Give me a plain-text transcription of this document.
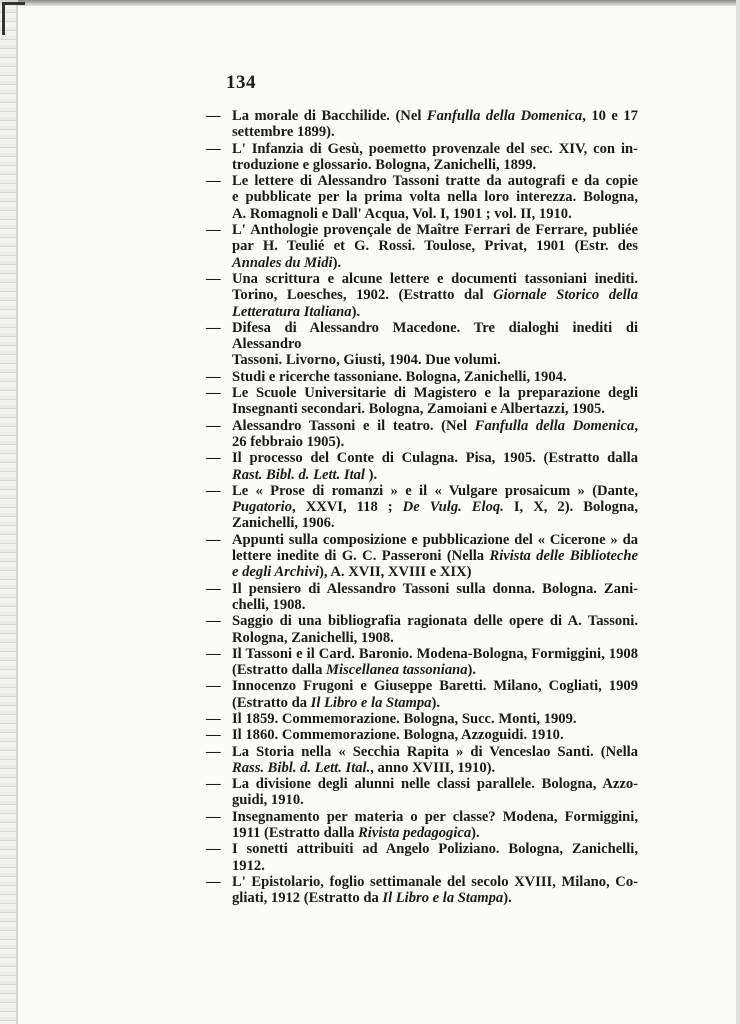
134
— La morale di Bacchilide. (Nel Fanfulla della Domenica, 10 e 17
settembre 1899).
— L' Infanzia di Gesù, poemetto provenzale del sec. XIV, con in-
troduzione e glossario. Bologna, Zanichelli, 1899.
— Le lettere di Alessandro Tassoni tratte da autografi e da copie
e pubblicate per la prima volta nella loro interezza. Bologna,
A. Romagnoli e Dall' Acqua, Vol. I, 1901 ; vol. II, 1910.
— L' Anthologie provençale de Maître Ferrari de Ferrare, publiée
par H. Teulié et G. Rossi. Toulose, Privat, 1901 (Estr. des
Annales du Midi).
— Una scrittura e alcune lettere e documenti tassoniani inediti.
Torino, Loesches, 1902. (Estratto dal Giornale Storico della
Letteratura Italiana).
— Difesa di Alessandro Macedone. Tre dialoghi inediti di Alessandro
Tassoni. Livorno, Giusti, 1904. Due volumi.
— Studi e ricerche tassoniane. Bologna, Zanichelli, 1904.
— Le Scuole Universitarie di Magistero e la preparazione degli
Insegnanti secondari. Bologna, Zamoiani e Albertazzi, 1905.
— Alessandro Tassoni e il teatro. (Nel Fanfulla della Domenica,
26 febbraio 1905).
— Il processo del Conte di Culagna. Pisa, 1905. (Estratto dalla
Rast. Bibl. d. Lett. Ital ).
— Le « Prose di romanzi » e il « Vulgare prosaicum » (Dante,
Pugatorio, XXVI, 118 ; De Vulg. Eloq. I, X, 2). Bologna,
Zanichelli, 1906.
— Appunti sulla composizione e pubblicazione del « Cicerone » da
lettere inedite di G. C. Passeroni (Nella Rivista delle Biblioteche
e degli Archivi), A. XVII, XVIII e XIX)
— Il pensiero di Alessandro Tassoni sulla donna. Bologna. Zani-
chelli, 1908.
— Saggio di una bibliografia ragionata delle opere di A. Tassoni.
Rologna, Zanichelli, 1908.
— Il Tassoni e il Card. Baronio. Modena-Bologna, Formiggini, 1908
(Estratto dalla Miscellanea tassoniana).
— Innocenzo Frugoni e Giuseppe Baretti. Milano, Cogliati, 1909
(Estratto da Il Libro e la Stampa).
— Il 1859. Commemorazione. Bologna, Succ. Monti, 1909.
— Il 1860. Commemorazione. Bologna, Azzoguidi. 1910.
— La Storia nella « Secchia Rapita » di Venceslao Santi. (Nella
Rass. Bibl. d. Lett. Ital., anno XVIII, 1910).
— La divisione degli alunni nelle classi parallele. Bologna, Azzo-
guidi, 1910.
— Insegnamento per materia o per classe? Modena, Formiggini,
1911 (Estratto dalla Rivista pedagogica).
— I sonetti attribuiti ad Angelo Poliziano. Bologna, Zanichelli, 1912.
— L' Epistolario, foglio settimanale del secolo XVIII, Milano, Co-
gliati, 1912 (Estratto da Il Libro e la Stampa).
